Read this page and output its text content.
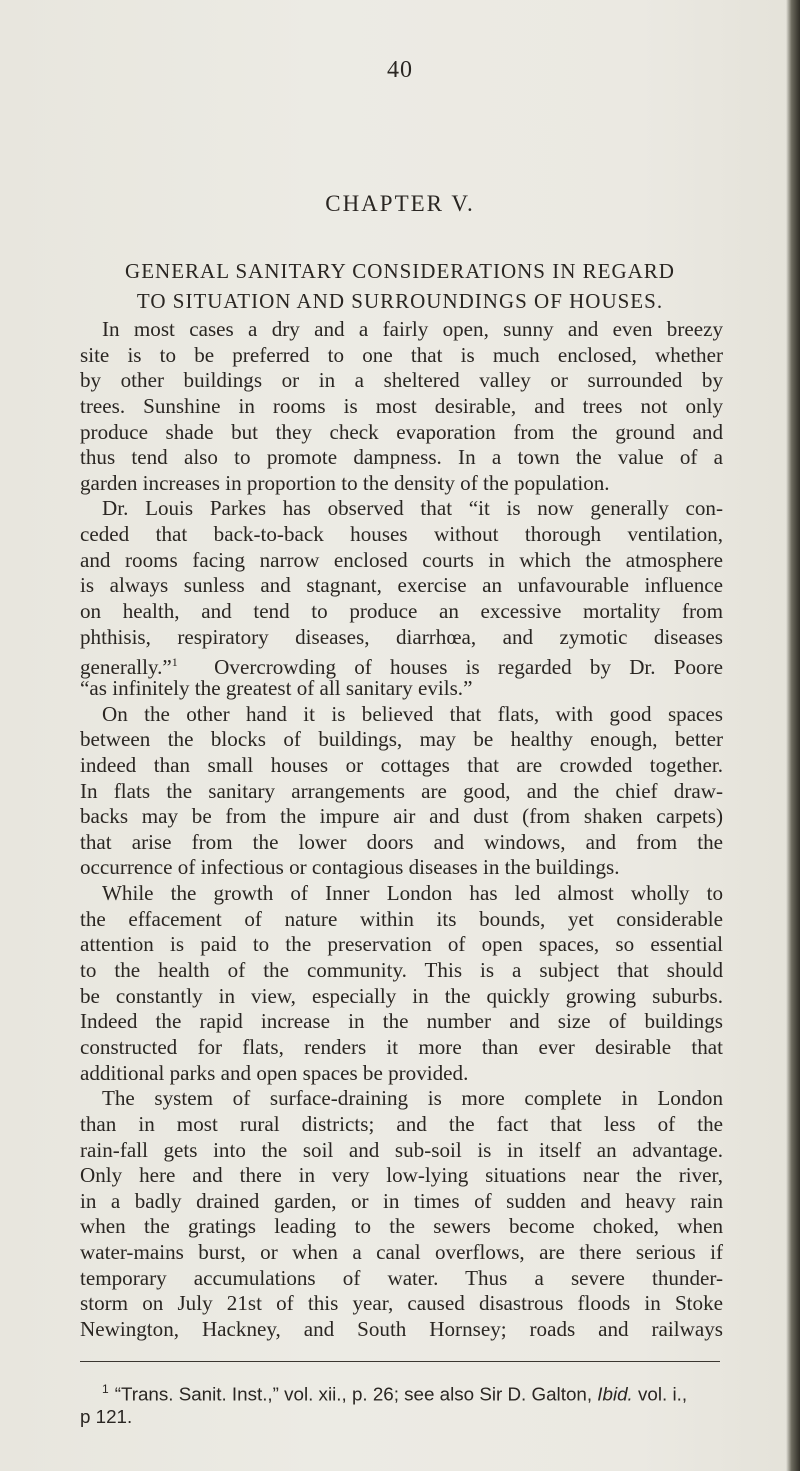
40
CHAPTER V.
GENERAL SANITARY CONSIDERATIONS IN REGARD
TO SITUATION AND SURROUNDINGS OF HOUSES.
In most cases a dry and a fairly open, sunny and even breezy
site is to be preferred to one that is much enclosed, whether
by other buildings or in a sheltered valley or surrounded by
trees. Sunshine in rooms is most desirable, and trees not only
produce shade but they check evaporation from the ground and
thus tend also to promote dampness. In a town the value of a
garden increases in proportion to the density of the population.
Dr. Louis Parkes has observed that “it is now generally con-
ceded that back-to-back houses without thorough ventilation,
and rooms facing narrow enclosed courts in which the atmosphere
is always sunless and stagnant, exercise an unfavourable influence
on health, and tend to produce an excessive mortality from
phthisis, respiratory diseases, diarrhœa, and zymotic diseases
generally.”$^1$ Overcrowding of houses is regarded by Dr. Poore
“as infinitely the greatest of all sanitary evils.”
On the other hand it is believed that flats, with good spaces
between the blocks of buildings, may be healthy enough, better
indeed than small houses or cottages that are crowded together.
In flats the sanitary arrangements are good, and the chief draw-
backs may be from the impure air and dust (from shaken carpets)
that arise from the lower doors and windows, and from the
occurrence of infectious or contagious diseases in the buildings.
While the growth of Inner London has led almost wholly to
the effacement of nature within its bounds, yet considerable
attention is paid to the preservation of open spaces, so essential
to the health of the community. This is a subject that should
be constantly in view, especially in the quickly growing suburbs.
Indeed the rapid increase in the number and size of buildings
constructed for flats, renders it more than ever desirable that
additional parks and open spaces be provided.
The system of surface-draining is more complete in London
than in most rural districts; and the fact that less of the
rain-fall gets into the soil and sub-soil is in itself an advantage.
Only here and there in very low-lying situations near the river,
in a badly drained garden, or in times of sudden and heavy rain
when the gratings leading to the sewers become choked, when
water-mains burst, or when a canal overflows, are there serious if
temporary accumulations of water. Thus a severe thunder-
storm on July 21st of this year, caused disastrous floods in Stoke
Newington, Hackney, and South Hornsey; roads and railways
$^1$ “Trans. Sanit. Inst.,” vol. xii., p. 26; see also Sir D. Galton, Ibid. vol. i.,
p 121.
